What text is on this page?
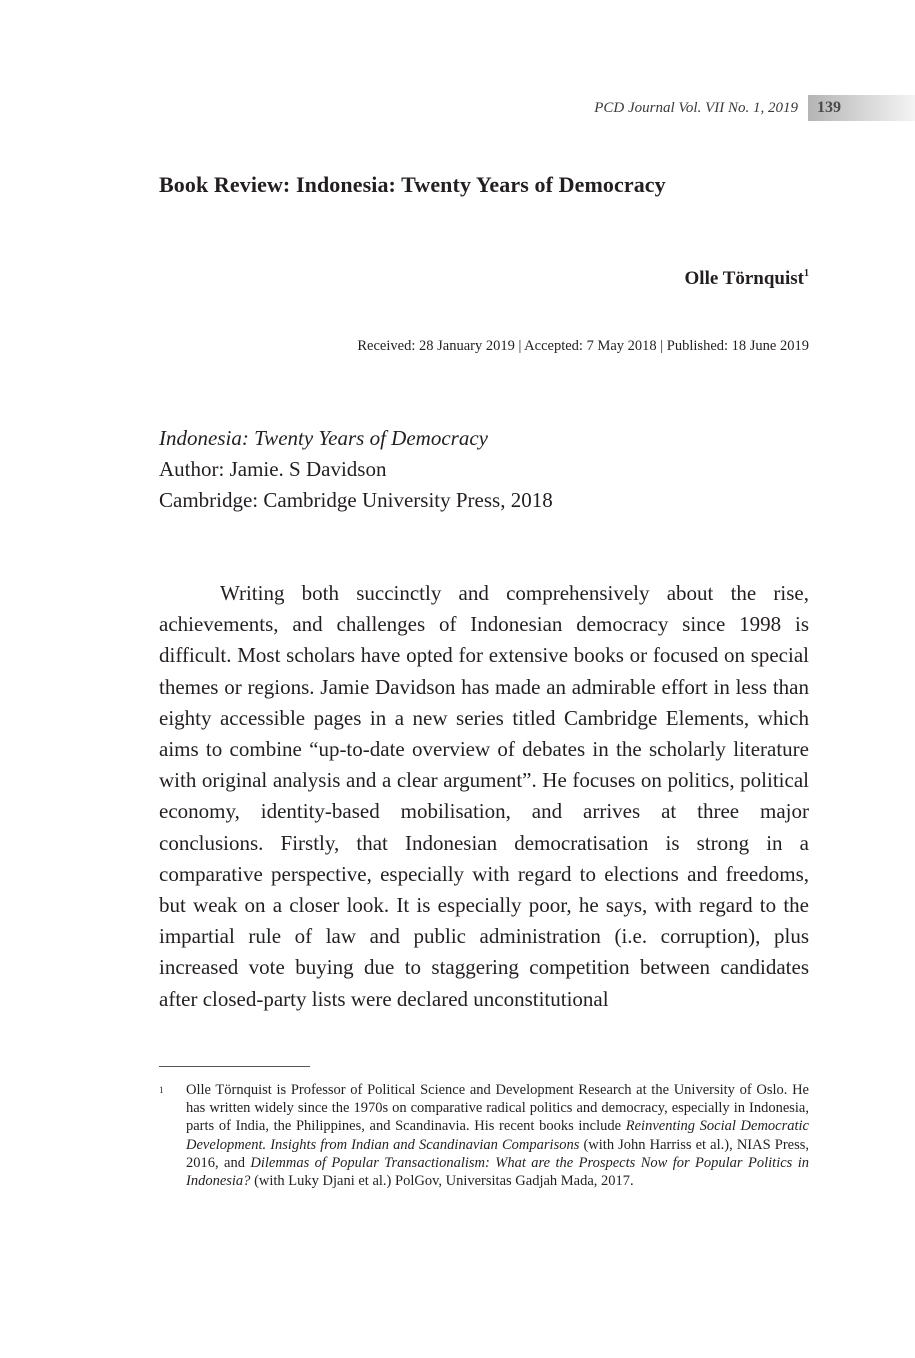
PCD Journal Vol. VII No. 1, 2019	139
Book Review: Indonesia: Twenty Years of Democracy
Olle Törnquist$^1$
Received: 28 January 2019 | Accepted: 7 May 2018 | Published: 18 June 2019
Indonesia: Twenty Years of Democracy
Author: Jamie. S Davidson
Cambridge: Cambridge University Press, 2018

Writing both succinctly and comprehensively about the rise, achievements, and challenges of Indonesian democracy since 1998 is difficult. Most scholars have opted for extensive books or focused on special themes or regions. Jamie Davidson has made an admirable effort in less than eighty accessible pages in a new series titled Cambridge Elements, which aims to combine “up-to-date overview of debates in the scholarly literature with original analysis and a clear argument”. He focuses on politics, political economy, identity-based mobilisation, and arrives at three major conclusions. Firstly, that Indonesian democratisation is strong in a comparative perspective, especially with regard to elections and freedoms, but weak on a closer look. It is especially poor, he says, with regard to the impartial rule of law and public administration (i.e. corruption), plus increased vote buying due to staggering competition between candidates after closed-party lists were declared unconstitutional

1 Olle Törnquist is Professor of Political Science and Development Research at the University of Oslo. He has written widely since the 1970s on comparative radical politics and democracy, especially in Indonesia, parts of India, the Philippines, and Scandinavia. His recent books include Reinventing Social Democratic Development. Insights from Indian and Scandinavian Comparisons (with John Harriss et al.), NIAS Press, 2016, and Dilemmas of Popular Transactionalism: What are the Prospects Now for Popular Politics in Indonesia? (with Luky Djani et al.) PolGov, Universitas Gadjah Mada, 2017.
